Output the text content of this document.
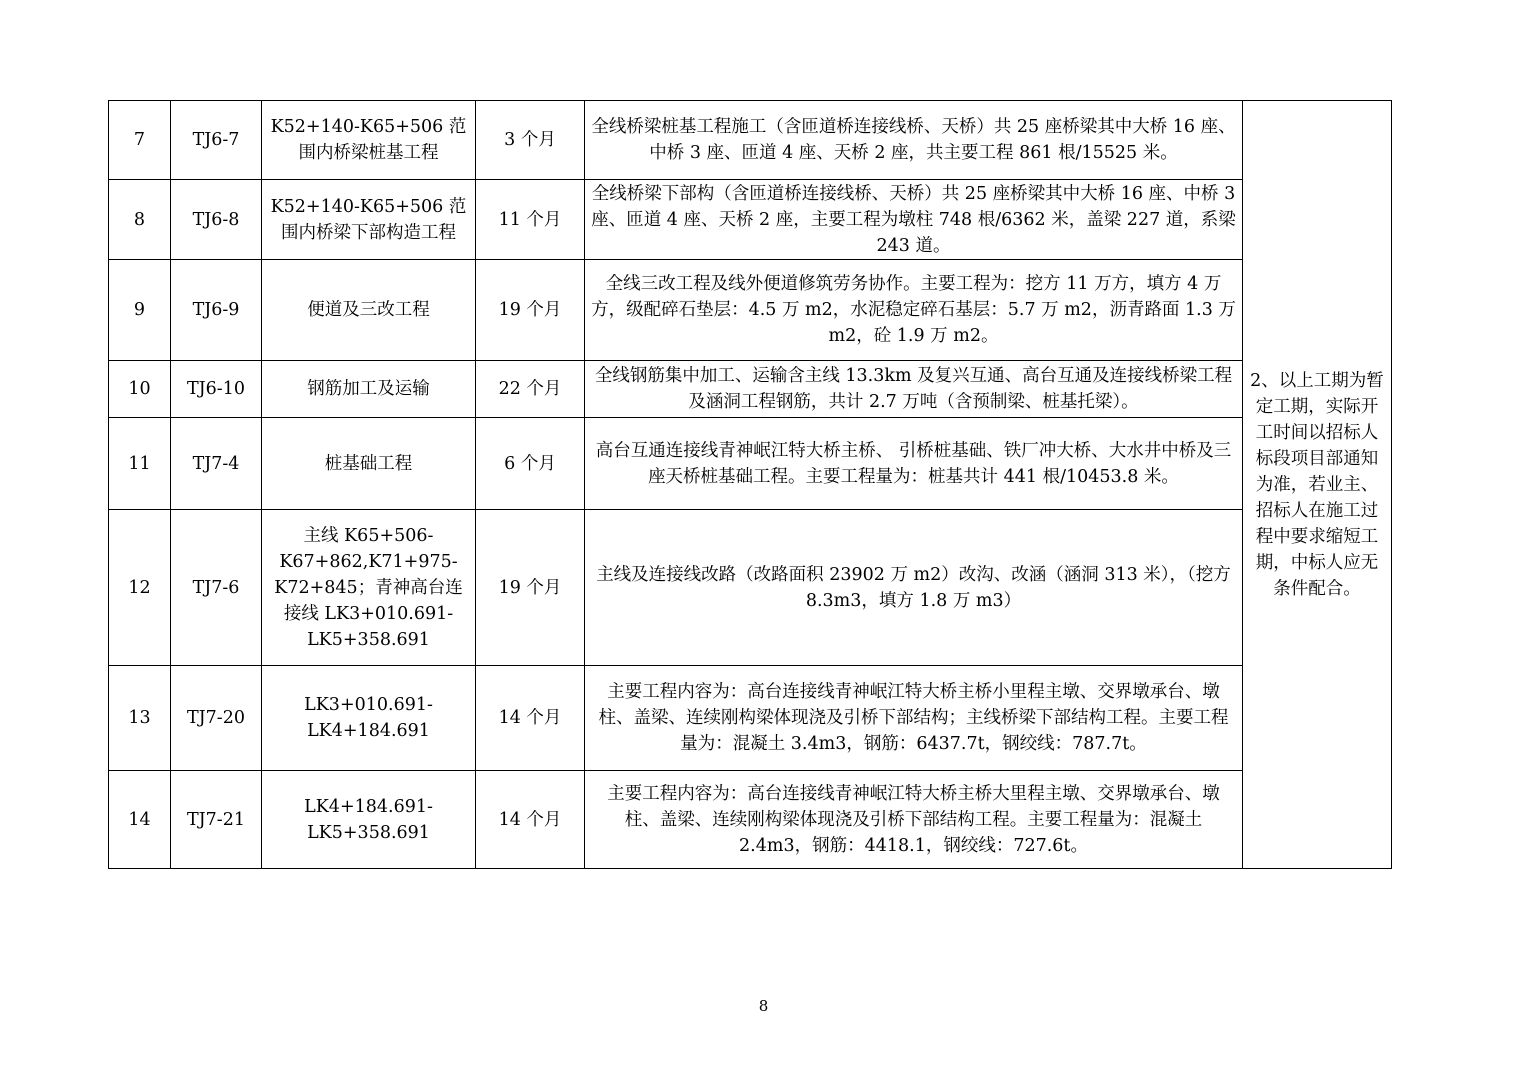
7	TJ6-7	K52+140-K65+506 范围内桥梁桩基工程	3 个月	全线桥梁桩基工程施工（含匝道桥连接线桥、天桥）共 25 座桥梁其中大桥 16 座、中桥 3 座、匝道 4 座、天桥 2 座，共主要工程 861 根/15525 米。	2、以上工期为暂定工期，实际开工时间以招标人标段项目部通知为准，若业主、招标人在施工过程中要求缩短工期，中标人应无条件配合。
8	TJ6-8	K52+140-K65+506 范围内桥梁下部构造工程	11 个月	全线桥梁下部构（含匝道桥连接线桥、天桥）共 25 座桥梁其中大桥 16 座、中桥 3 座、匝道 4 座、天桥 2 座，主要工程为墩柱 748 根/6362 米，盖梁 227 道，系梁 243 道。	
9	TJ6-9	便道及三改工程	19 个月	全线三改工程及线外便道修筑劳务协作。主要工程为：挖方 11 万方，填方 4 万方，级配碎石垫层：4.5 万 m2，水泥稳定碎石基层：5.7 万 m2，沥青路面 1.3 万 m2，砼 1.9 万 m2。	
10	TJ6-10	钢筋加工及运输	22 个月	全线钢筋集中加工、运输含主线 13.3km 及复兴互通、高台互通及连接线桥梁工程及涵洞工程钢筋，共计 2.7 万吨（含预制梁、桩基托梁）。	
11	TJ7-4	桩基础工程	6 个月	高台互通连接线青神岷江特大桥主桥、 引桥桩基础、铁厂冲大桥、大水井中桥及三座天桥桩基础工程。主要工程量为：桩基共计 441 根/10453.8 米。	
12	TJ7-6	主线 K65+506-K67+862,K71+975-K72+845；青神高台连接线 LK3+010.691-LK5+358.691	19 个月	主线及连接线改路（改路面积 23902 万 m2）改沟、改涵（涵洞 313 米），（挖方 8.3m3，填方 1.8 万 m3）	
13	TJ7-20	LK3+010.691-LK4+184.691	14 个月	主要工程内容为：高台连接线青神岷江特大桥主桥小里程主墩、交界墩承台、墩柱、盖梁、连续刚构梁体现浇及引桥下部结构；主线桥梁下部结构工程。主要工程量为：混凝土 3.4m3，钢筋：6437.7t，钢绞线：787.7t。	
14	TJ7-21	LK4+184.691-LK5+358.691	14 个月	主要工程内容为：高台连接线青神岷江特大桥主桥大里程主墩、交界墩承台、墩柱、盖梁、连续刚构梁体现浇及引桥下部结构工程。主要工程量为：混凝土 2.4m3，钢筋：4418.1，钢绞线：727.6t。	
8
